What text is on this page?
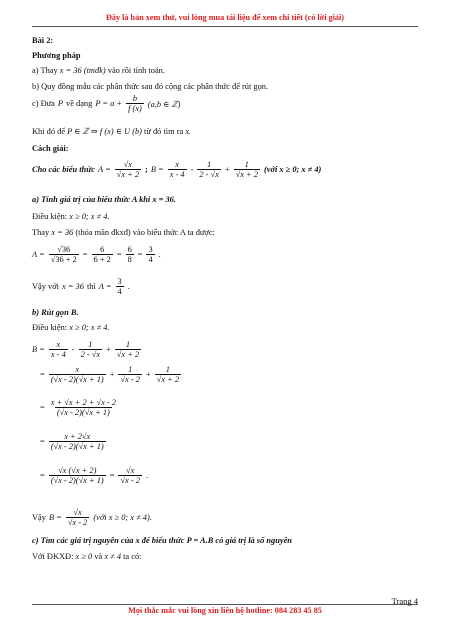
Đây là bản xem thử, vui lòng mua tài liệu để xem chi tiết (có lời giải)
Bài 2:
Phương pháp
a) Thay x = 36 (tmđk) vào rồi tính toán.
b) Quy đồng mẫu các phân thức sau đó cộng các phân thức để rút gọn.
c) Đưa P về dạng $P = a + \frac{b}{f (x)} (a,b$ ∈ ℤ)
Khi đó để P ∈ ℤ ⇒ f (x) ∈ U (b) từ đó tìm ra x.
Cách giải:
Cho các biểu thức $A = \frac{√x}{√x + 2}$ ; $B = \frac{x}{x - 4} - \frac{1}{2 - √x} + \frac{1}{√x + 2}$ (với x ≥ 0; x ≠ 4)
a) Tính giá trị của biểu thức A khi x = 36.
Điều kiện: x ≥ 0; x ≠ 4.
Thay x = 36 (thỏa mãn đkxđ) vào biểu thức A ta được:
$A = \frac{√36}{√36 + 2} = \frac{6}{6 + 2} = \frac{6}{8} = \frac{3}{4}$ .
Vậy với x = 36 thì $A = \frac{3}{4}$ .
b) Rút gọn B.
Điều kiện: x ≥ 0; x ≠ 4.
$B = \frac{x}{x - 4} - \frac{1}{2 - √x} + \frac{1}{√x + 2}$
= $\frac{x}{(√x - 2)(√x + 1)} + \frac{1}{√x - 2} + \frac{1}{√x + 2}$
= $\frac{x + √x + 2 + √x - 2}{(√x - 2)(√x + 1)}$
= $\frac{x + 2√x}{(√x - 2)(√x + 1)}$
= $\frac{√x (√x + 2)}{(√x - 2)(√x + 1)} = \frac{√x}{√x - 2}$ .
Vậy $B = \frac{√x}{√x - 2}$ (với x ≥ 0; x ≠ 4).
c) Tìm các giá trị nguyên của x để biểu thức P = A.B có giá trị là số nguyên
Với ĐKXĐ: x ≥ 0 và x ≠ 4 ta có:
Trang 4
Mọi thắc mắc vui lòng xin liên hệ hotline: 084 283 45 85
